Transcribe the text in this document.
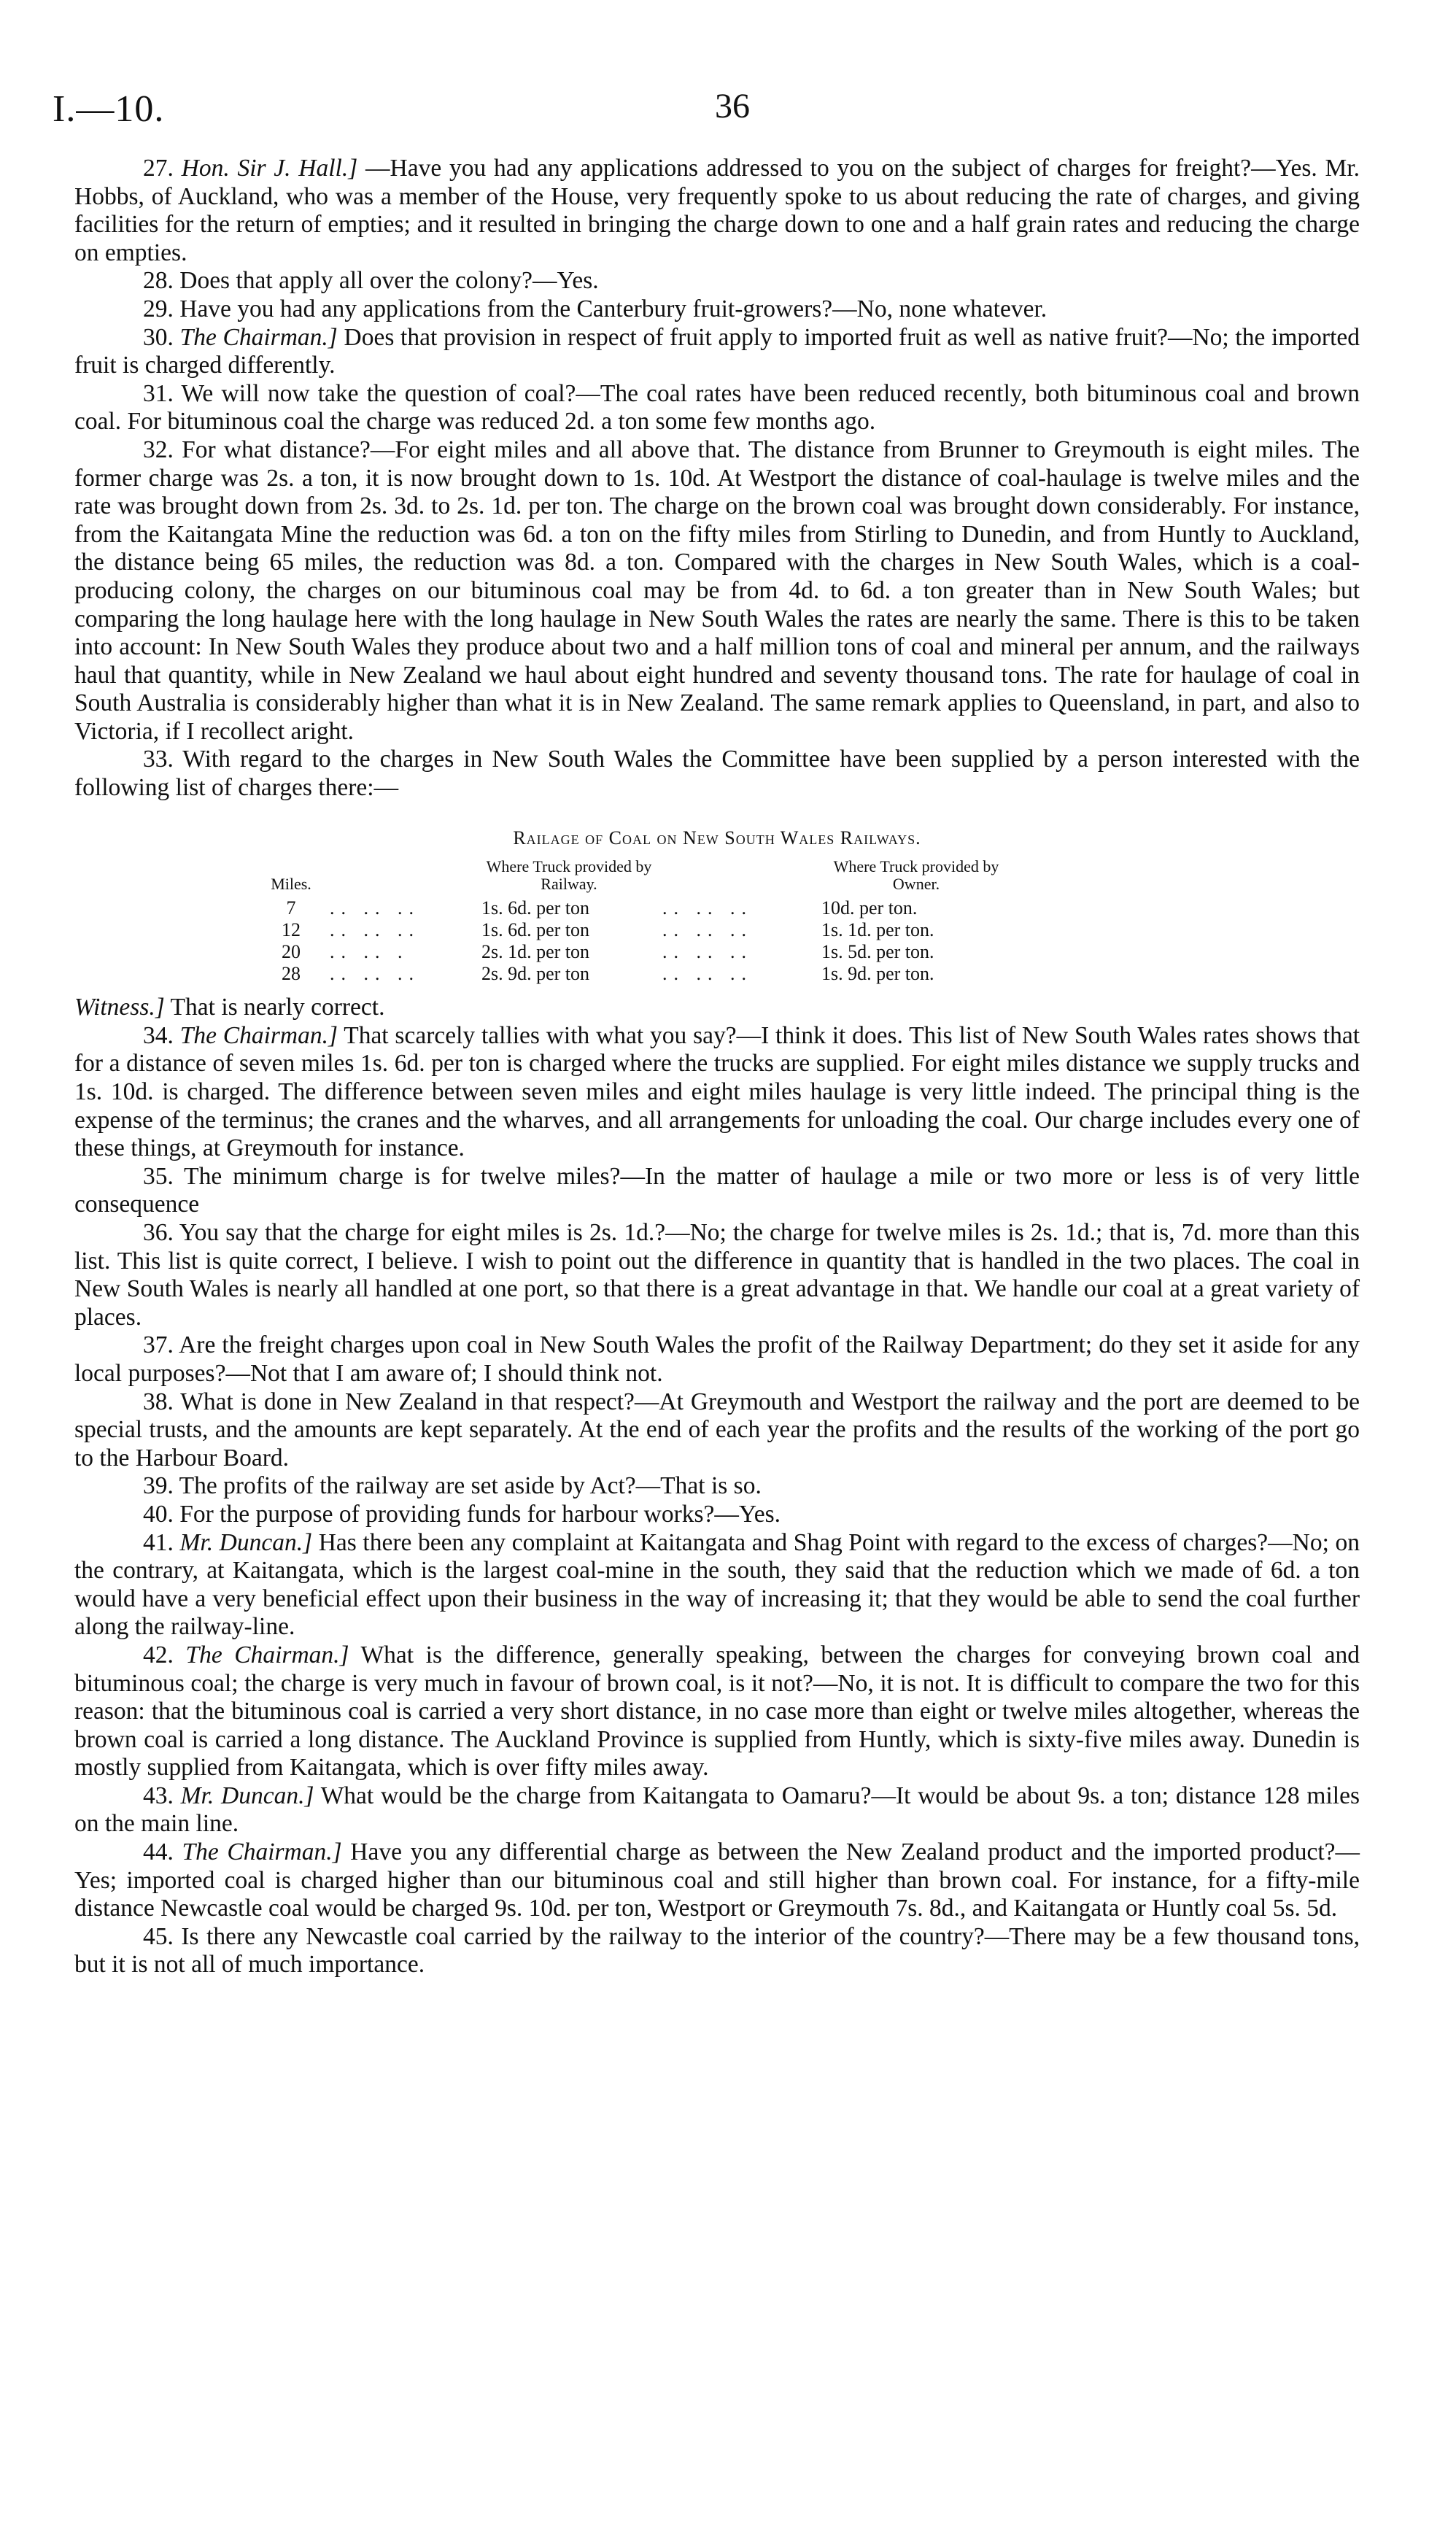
I.—10.	36

27. Hon. Sir J. Hall.] —Have you had any applications addressed to you on the subject of charges for freight?—Yes. Mr. Hobbs, of Auckland, who was a member of the House, very frequently spoke to us about reducing the rate of charges, and giving facilities for the return of empties; and it resulted in bringing the charge down to one and a half grain rates and reducing the charge on empties.

28. Does that apply all over the colony?—Yes.

29. Have you had any applications from the Canterbury fruit-growers?—No, none whatever.

30. The Chairman.] Does that provision in respect of fruit apply to imported fruit as well as native fruit?—No; the imported fruit is charged differently.

31. We will now take the question of coal?—The coal rates have been reduced recently, both bituminous coal and brown coal. For bituminous coal the charge was reduced 2d. a ton some few months ago.

32. For what distance?—For eight miles and all above that. The distance from Brunner to Greymouth is eight miles. The former charge was 2s. a ton, it is now brought down to 1s. 10d. At Westport the distance of coal-haulage is twelve miles and the rate was brought down from 2s. 3d. to 2s. 1d. per ton. The charge on the brown coal was brought down considerably. For instance, from the Kaitangata Mine the reduction was 6d. a ton on the fifty miles from Stirling to Dunedin, and from Huntly to Auckland, the distance being 65 miles, the reduction was 8d. a ton. Compared with the charges in New South Wales, which is a coal-producing colony, the charges on our bituminous coal may be from 4d. to 6d. a ton greater than in New South Wales; but comparing the long haulage here with the long haulage in New South Wales the rates are nearly the same. There is this to be taken into account: In New South Wales they produce about two and a half million tons of coal and mineral per annum, and the railways haul that quantity, while in New Zealand we haul about eight hundred and seventy thousand tons. The rate for haulage of coal in South Australia is considerably higher than what it is in New Zealand. The same remark applies to Queensland, in part, and also to Victoria, if I recollect aright.

33. With regard to the charges in New South Wales the Committee have been supplied by a person interested with the following list of charges there:—

Railage of Coal on New South Wales Railways.
Miles.		Where Truck provided by Railway.		Where Truck provided by Owner.
7	.. .. ..	1s. 6d. per ton	.. .. ..	10d. per ton.
12	.. .. ..	1s. 6d. per ton	.. .. ..	1s. 1d. per ton.
20	.. .. .	2s. 1d. per ton	.. .. ..	1s. 5d. per ton.
28	.. .. ..	2s. 9d. per ton	.. .. ..	1s. 9d. per ton.

Witness.] That is nearly correct.

34. The Chairman.] That scarcely tallies with what you say?—I think it does. This list of New South Wales rates shows that for a distance of seven miles 1s. 6d. per ton is charged where the trucks are supplied. For eight miles distance we supply trucks and 1s. 10d. is charged. The difference between seven miles and eight miles haulage is very little indeed. The principal thing is the expense of the terminus; the cranes and the wharves, and all arrangements for unloading the coal. Our charge includes every one of these things, at Greymouth for instance.

35. The minimum charge is for twelve miles?—In the matter of haulage a mile or two more or less is of very little consequence

36. You say that the charge for eight miles is 2s. 1d.?—No; the charge for twelve miles is 2s. 1d.; that is, 7d. more than this list. This list is quite correct, I believe. I wish to point out the difference in quantity that is handled in the two places. The coal in New South Wales is nearly all handled at one port, so that there is a great advantage in that. We handle our coal at a great variety of places.

37. Are the freight charges upon coal in New South Wales the profit of the Railway Department; do they set it aside for any local purposes?—Not that I am aware of; I should think not.

38. What is done in New Zealand in that respect?—At Greymouth and Westport the railway and the port are deemed to be special trusts, and the amounts are kept separately. At the end of each year the profits and the results of the working of the port go to the Harbour Board.

39. The profits of the railway are set aside by Act?—That is so.

40. For the purpose of providing funds for harbour works?—Yes.

41. Mr. Duncan.] Has there been any complaint at Kaitangata and Shag Point with regard to the excess of charges?—No; on the contrary, at Kaitangata, which is the largest coal-mine in the south, they said that the reduction which we made of 6d. a ton would have a very beneficial effect upon their business in the way of increasing it; that they would be able to send the coal further along the railway-line.

42. The Chairman.] What is the difference, generally speaking, between the charges for conveying brown coal and bituminous coal; the charge is very much in favour of brown coal, is it not?—No, it is not. It is difficult to compare the two for this reason: that the bituminous coal is carried a very short distance, in no case more than eight or twelve miles altogether, whereas the brown coal is carried a long distance. The Auckland Province is supplied from Huntly, which is sixty-five miles away. Dunedin is mostly supplied from Kaitangata, which is over fifty miles away.

43. Mr. Duncan.] What would be the charge from Kaitangata to Oamaru?—It would be about 9s. a ton; distance 128 miles on the main line.

44. The Chairman.] Have you any differential charge as between the New Zealand product and the imported product?—Yes; imported coal is charged higher than our bituminous coal and still higher than brown coal. For instance, for a fifty-mile distance Newcastle coal would be charged 9s. 10d. per ton, Westport or Greymouth 7s. 8d., and Kaitangata or Huntly coal 5s. 5d.

45. Is there any Newcastle coal carried by the railway to the interior of the country?—There may be a few thousand tons, but it is not all of much importance.
